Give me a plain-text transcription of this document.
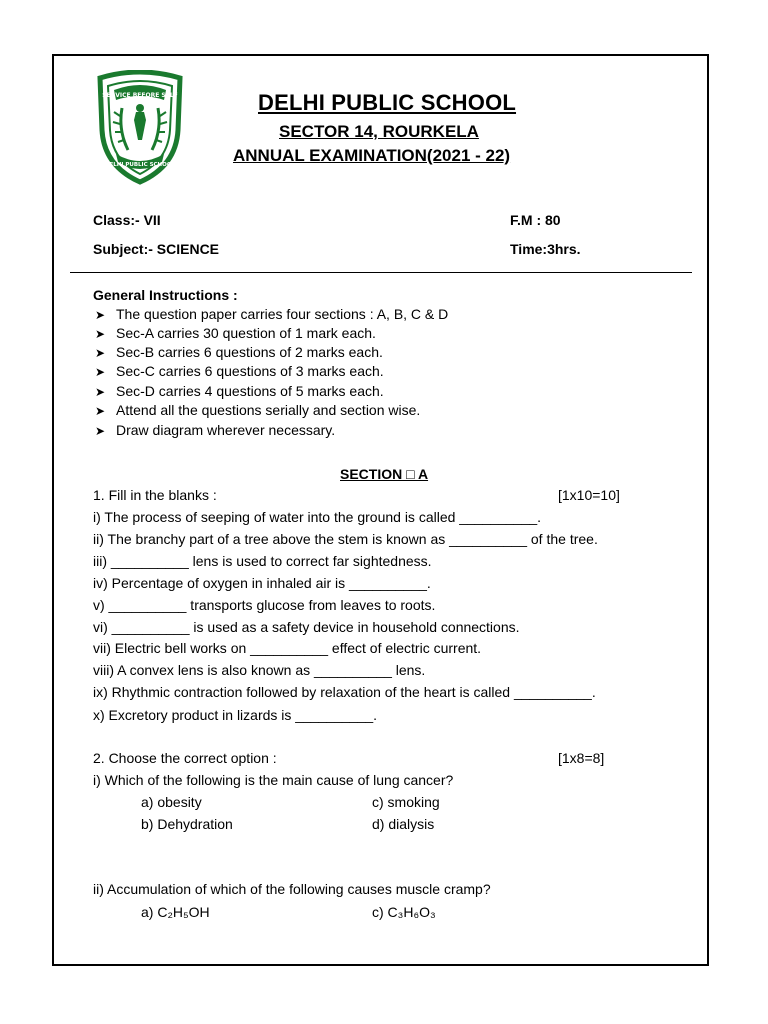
SERVICE BEFORE SELF
DELHI PUBLIC SCHOOL
DELHI PUBLIC SCHOOL
SECTOR 14, ROURKELA
ANNUAL EXAMINATION(2021 - 22)
Class:- VII	F.M : 80
Subject:- SCIENCE	Time:3hrs.
General Instructions :
➤ The question paper carries four sections : A, B, C & D
➤ Sec-A carries 30 question of 1 mark each.
➤ Sec-B carries 6 questions of 2 marks each.
➤ Sec-C carries 6 questions of 3 marks each.
➤ Sec-D carries 4 questions of 5 marks each.
➤ Attend all the questions serially and section wise.
➤ Draw diagram wherever necessary.
SECTION □ A
1. Fill in the blanks :	[1x10=10]
i) The process of seeping of water into the ground is called __________.
ii) The branchy part of a tree above the stem is known as __________ of the tree.
iii) __________ lens is used to correct far sightedness.
iv) Percentage of oxygen in inhaled air is __________.
v) __________ transports glucose from leaves to roots.
vi) __________ is used as a safety device in household connections.
vii) Electric bell works on __________ effect of electric current.
viii) A convex lens is also known as __________ lens.
ix) Rhythmic contraction followed by relaxation of the heart is called __________.
x) Excretory product in lizards is __________.
2. Choose the correct option :	[1x8=8]
i) Which of the following is the main cause of lung cancer?
a) obesity	c) smoking
b) Dehydration	d) dialysis
ii) Accumulation of which of the following causes muscle cramp?
a) C₂H₅OH	c) C₃H₆O₃
